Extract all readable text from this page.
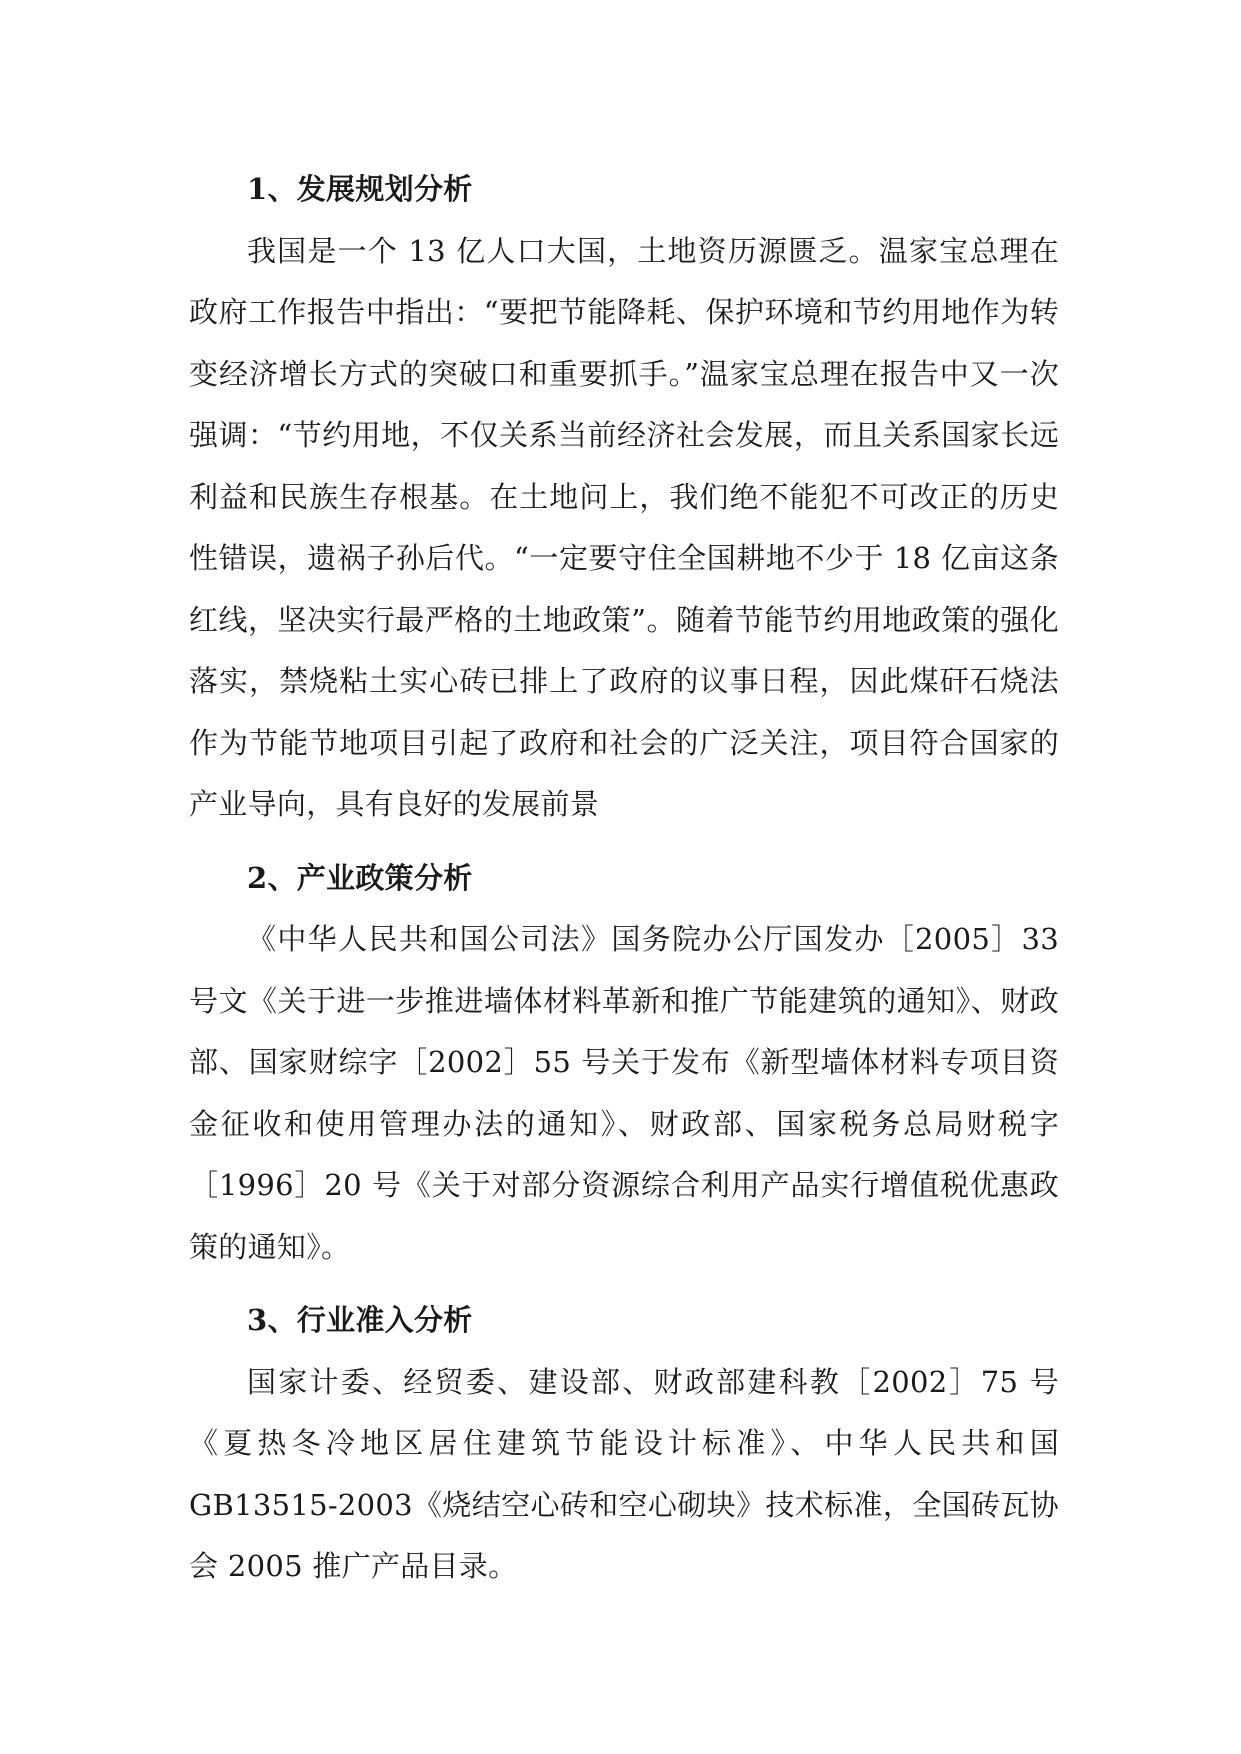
1、发展规划分析

我国是一个 13 亿人口大国，土地资历源匮乏。温家宝总理在政府工作报告中指出：“要把节能降耗、保护环境和节约用地作为转变经济增长方式的突破口和重要抓手。”温家宝总理在报告中又一次强调：“节约用地，不仅关系当前经济社会发展，而且关系国家长远利益和民族生存根基。在土地问上，我们绝不能犯不可改正的历史性错误，遗祸子孙后代。“一定要守住全国耕地不少于 18 亿亩这条红线，坚决实行最严格的土地政策”。随着节能节约用地政策的强化落实，禁烧粘土实心砖已排上了政府的议事日程，因此煤矸石烧法作为节能节地项目引起了政府和社会的广泛关注，项目符合国家的产业导向，具有良好的发展前景

2、产业政策分析

《中华人民共和国公司法》国务院办公厅国发办［2005］33 号文《关于进一步推进墙体材料革新和推广节能建筑的通知》、财政部、国家财综字［2002］55 号关于发布《新型墙体材料专项目资金征收和使用管理办法的通知》、财政部、国家税务总局财税字［1996］20 号《关于对部分资源综合利用产品实行增值税优惠政策的通知》。

3、行业准入分析

国家计委、经贸委、建设部、财政部建科教［2002］75 号《夏热冬冷地区居住建筑节能设计标准》、中华人民共和国 GB13515-2003《烧结空心砖和空心砌块》技术标准，全国砖瓦协会 2005 推广产品目录。
